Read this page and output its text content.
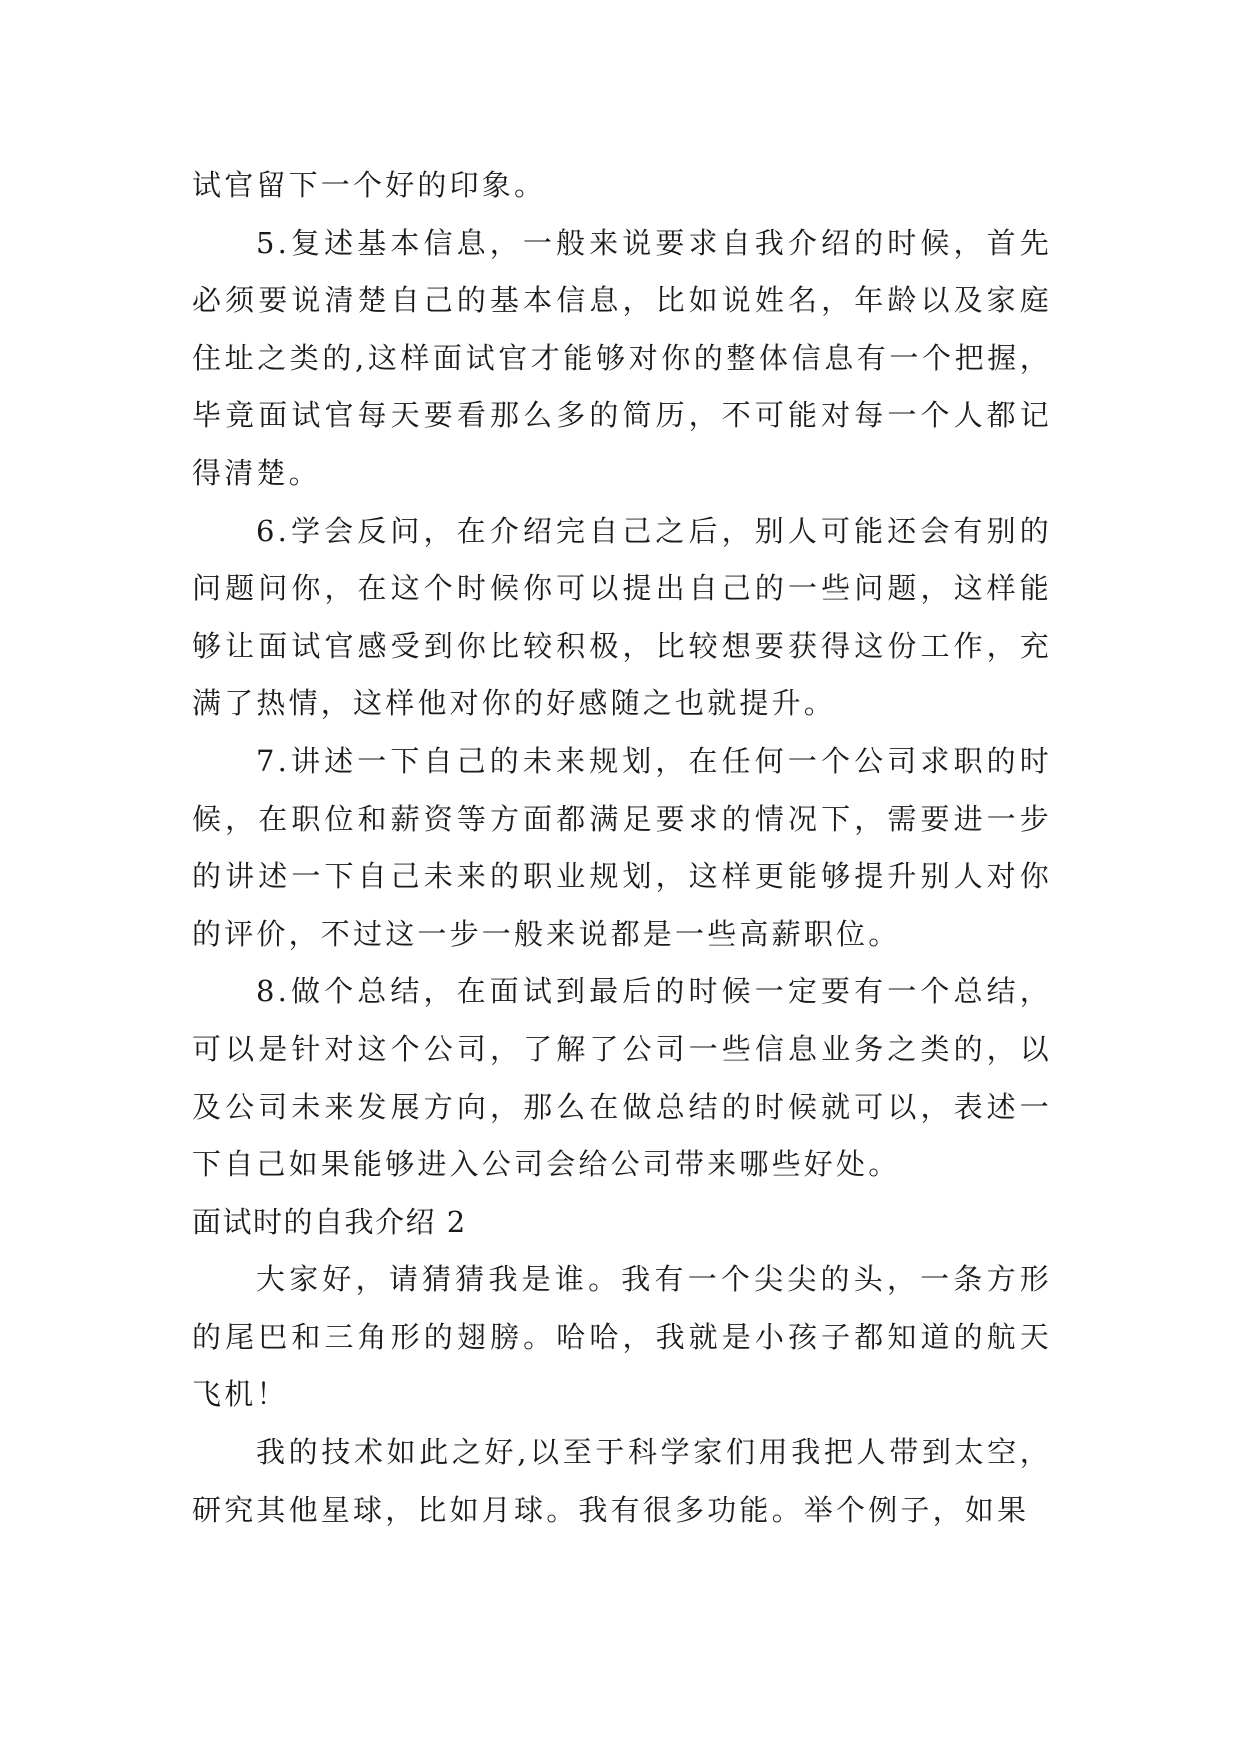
试官留下一个好的印象。

5.复述基本信息，一般来说要求自我介绍的时候，首先必须要说清楚自己的基本信息，比如说姓名，年龄以及家庭住址之类的,这样面试官才能够对你的整体信息有一个把握，毕竟面试官每天要看那么多的简历，不可能对每一个人都记得清楚。

6.学会反问，在介绍完自己之后，别人可能还会有别的问题问你，在这个时候你可以提出自己的一些问题，这样能够让面试官感受到你比较积极，比较想要获得这份工作，充满了热情，这样他对你的好感随之也就提升。

7.讲述一下自己的未来规划，在任何一个公司求职的时候，在职位和薪资等方面都满足要求的情况下，需要进一步的讲述一下自己未来的职业规划，这样更能够提升别人对你的评价，不过这一步一般来说都是一些高薪职位。

8.做个总结，在面试到最后的时候一定要有一个总结，可以是针对这个公司，了解了公司一些信息业务之类的，以及公司未来发展方向，那么在做总结的时候就可以，表述一下自己如果能够进入公司会给公司带来哪些好处。

面试时的自我介绍 2

大家好，请猜猜我是谁。我有一个尖尖的头，一条方形的尾巴和三角形的翅膀。哈哈，我就是小孩子都知道的航天飞机！

我的技术如此之好,以至于科学家们用我把人带到太空，研究其他星球，比如月球。我有很多功能。举个例子，如果
